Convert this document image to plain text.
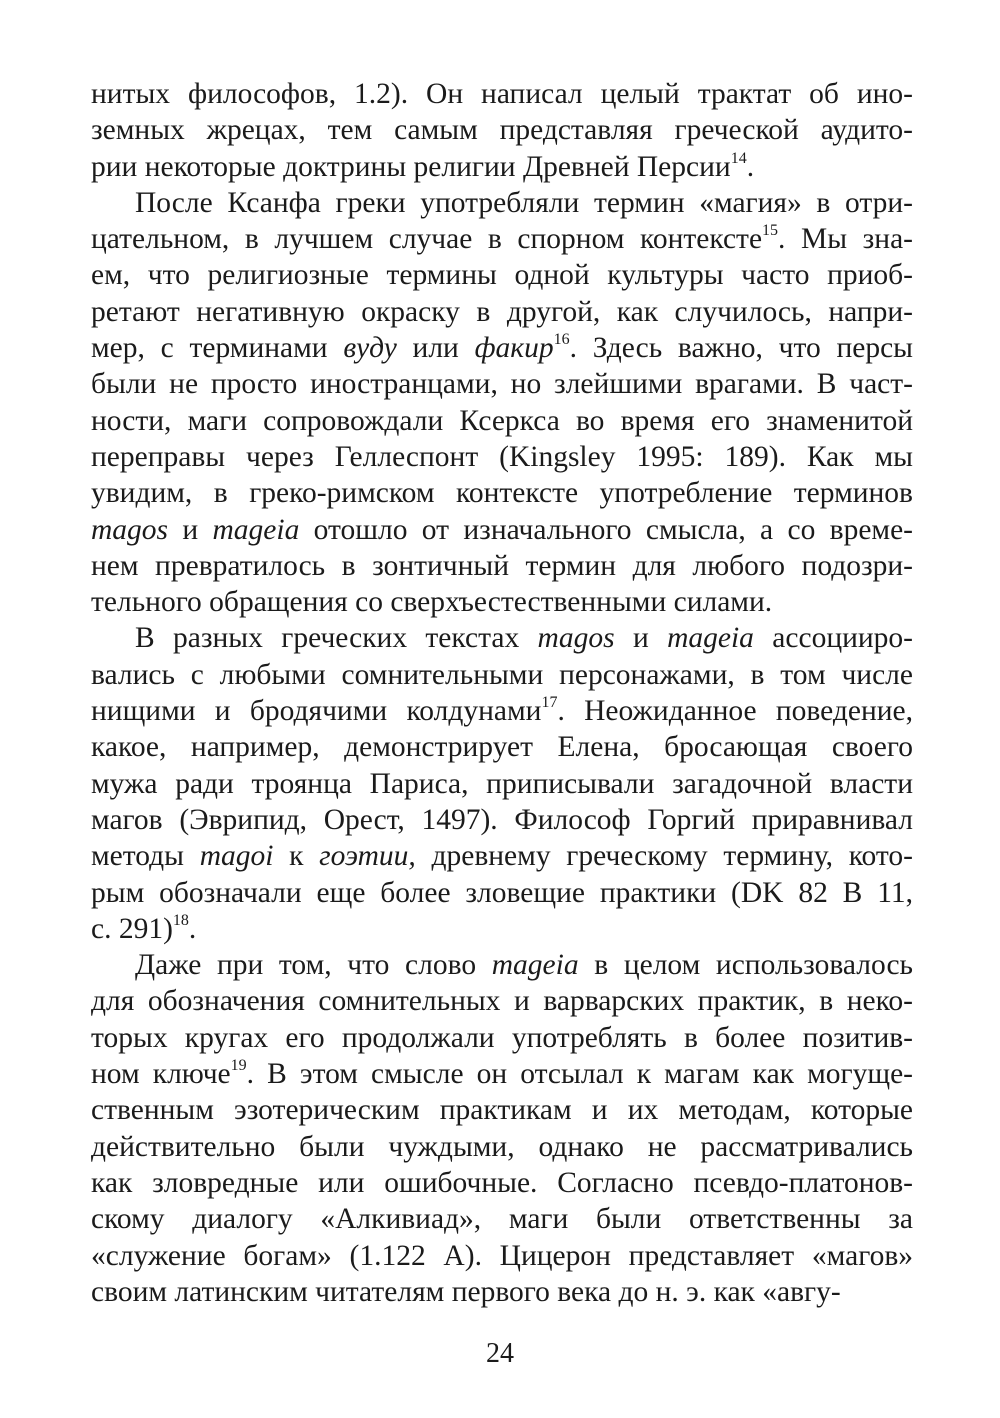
нитых философов, 1.2). Он написал целый трактат об ино-
земных жрецах, тем самым представляя греческой аудито-
рии некоторые доктрины религии Древней Персии$^{14}$.
После Ксанфа греки употребляли термин «магия» в отри-
цательном, в лучшем случае в спорном контексте$^{15}$. Мы зна-
ем, что религиозные термины одной культуры часто приоб-
ретают негативную окраску в другой, как случилось, напри-
мер, с терминами вуду или факир$^{16}$. Здесь важно, что персы
были не просто иностранцами, но злейшими врагами. В част-
ности, маги сопровождали Ксеркса во время его знаменитой
переправы через Геллеспонт (Kingsley 1995: 189). Как мы
увидим, в греко-римском контексте употребление терминов
magos и mageia отошло от изначального смысла, а со време-
нем превратилось в зонтичный термин для любого подозри-
тельного обращения со сверхъестественными силами.
В разных греческих текстах magos и mageia ассоцииро-
вались с любыми сомнительными персонажами, в том числе
нищими и бродячими колдунами$^{17}$. Неожиданное поведение,
какое, например, демонстрирует Елена, бросающая своего
мужа ради троянца Париса, приписывали загадочной власти
магов (Эврипид, Орест, 1497). Философ Горгий приравнивал
методы magoi к гоэтии, древнему греческому термину, кото-
рым обозначали еще более зловещие практики (DK 82 B 11,
с. 291)$^{18}$.
Даже при том, что слово mageia в целом использовалось
для обозначения сомнительных и варварских практик, в неко-
торых кругах его продолжали употреблять в более позитив-
ном ключе$^{19}$. В этом смысле он отсылал к магам как могуще-
ственным эзотерическим практикам и их методам, которые
действительно были чуждыми, однако не рассматривались
как зловредные или ошибочные. Согласно псевдо-платонов-
скому диалогу «Алкивиад», маги были ответственны за
«служение богам» (1.122 A). Цицерон представляет «магов»
своим латинским читателям первого века до н. э. как «авгу-
24
